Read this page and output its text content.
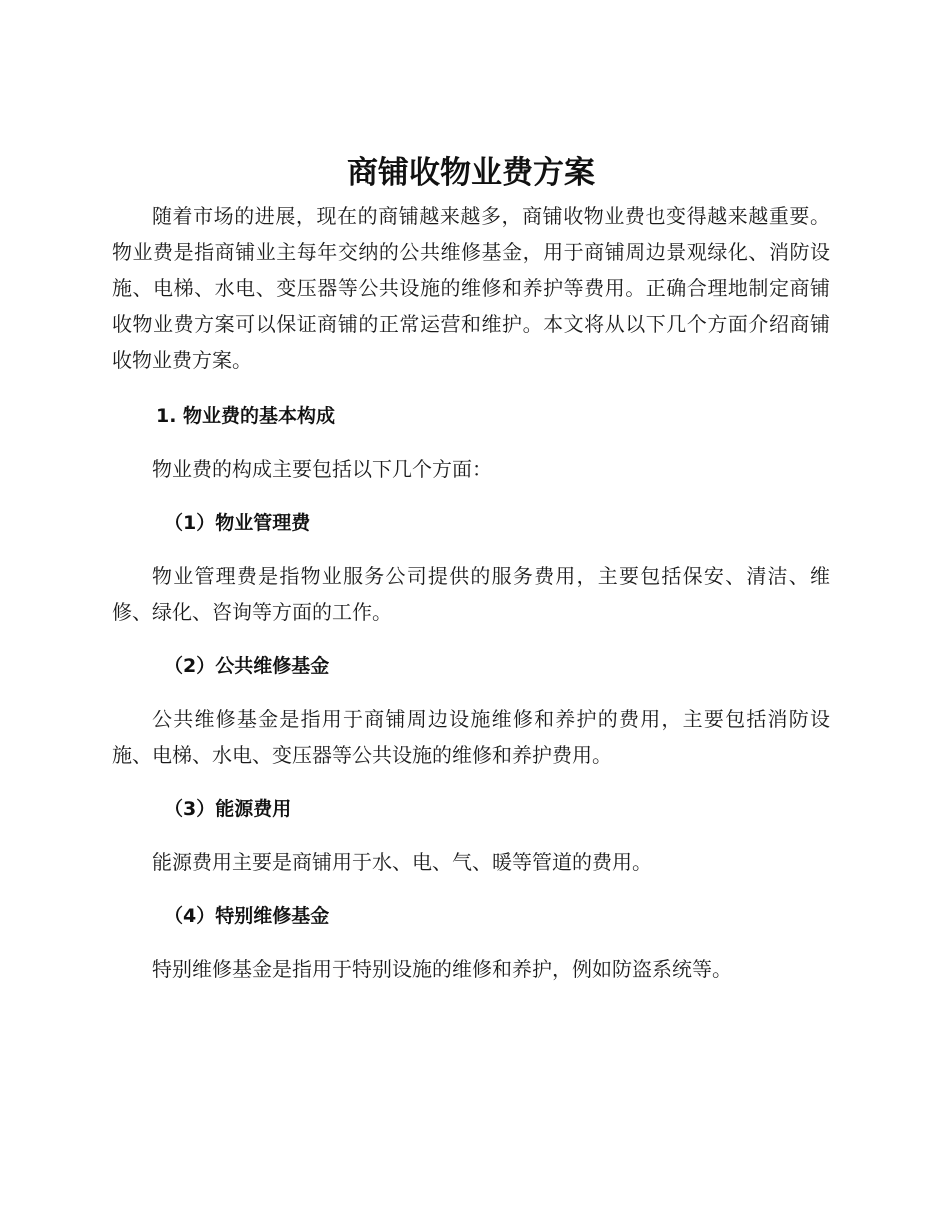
商铺收物业费方案

随着市场的进展，现在的商铺越来越多，商铺收物业费也变得越来越重要。物业费是指商铺业主每年交纳的公共维修基金，用于商铺周边景观绿化、消防设施、电梯、水电、变压器等公共设施的维修和养护等费用。正确合理地制定商铺收物业费方案可以保证商铺的正常运营和维护。本文将从以下几个方面介绍商铺收物业费方案。

1. 物业费的基本构成

物业费的构成主要包括以下几个方面：

（1）物业管理费

物业管理费是指物业服务公司提供的服务费用，主要包括保安、清洁、维修、绿化、咨询等方面的工作。

（2）公共维修基金

公共维修基金是指用于商铺周边设施维修和养护的费用，主要包括消防设施、电梯、水电、变压器等公共设施的维修和养护费用。

（3）能源费用

能源费用主要是商铺用于水、电、气、暖等管道的费用。

（4）特别维修基金

特别维修基金是指用于特别设施的维修和养护，例如防盗系统等。
